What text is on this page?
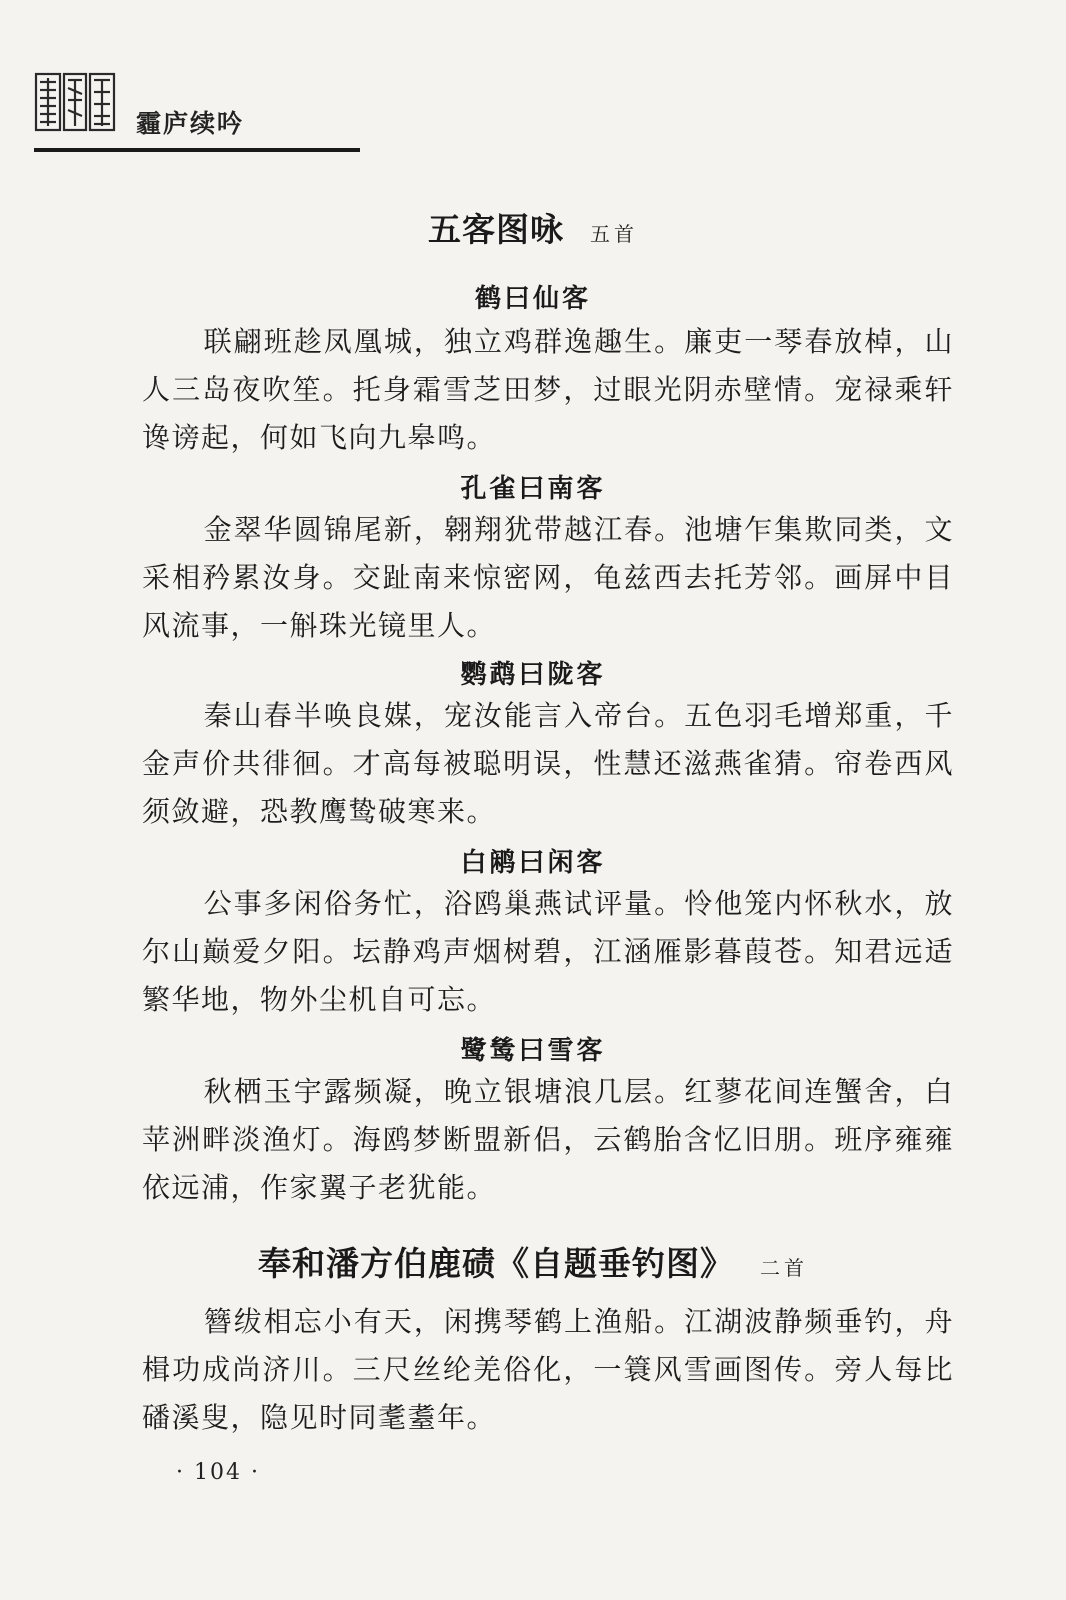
霾庐续吟
五客图咏 五首
鹤曰仙客
联翩班趁凤凰城，独立鸡群逸趣生。廉吏一琴春放棹，山人三岛夜吹笙。托身霜雪芝田梦，过眼光阴赤壁情。宠禄乘轩谗谤起，何如飞向九皋鸣。
孔雀曰南客
金翠华圆锦尾新，翱翔犹带越江春。池塘乍集欺同类，文采相矜累汝身。交趾南来惊密网，龟兹西去托芳邻。画屏中目风流事，一斛珠光镜里人。
鹦鹉曰陇客
秦山春半唤良媒，宠汝能言入帝台。五色羽毛增郑重，千金声价共徘徊。才高每被聪明误，性慧还滋燕雀猜。帘卷西风须敛避，恐教鹰鸷破寒来。
白鹇曰闲客
公事多闲俗务忙，浴鸥巢燕试评量。怜他笼内怀秋水，放尔山巅爱夕阳。坛静鸡声烟树碧，江涵雁影暮葭苍。知君远适繁华地，物外尘机自可忘。
鹭鸶曰雪客
秋栖玉宇露频凝，晚立银塘浪几层。红蓼花间连蟹舍，白苹洲畔淡渔灯。海鸥梦断盟新侣，云鹤胎含忆旧朋。班序雍雍依远浦，作家翼子老犹能。
奉和潘方伯鹿碛《自题垂钓图》 二首
簪绂相忘小有天，闲携琴鹤上渔船。江湖波静频垂钓，舟楫功成尚济川。三尺丝纶羌俗化，一簑风雪画图传。旁人每比磻溪叟，隐见时同耄耋年。
· 104 ·
